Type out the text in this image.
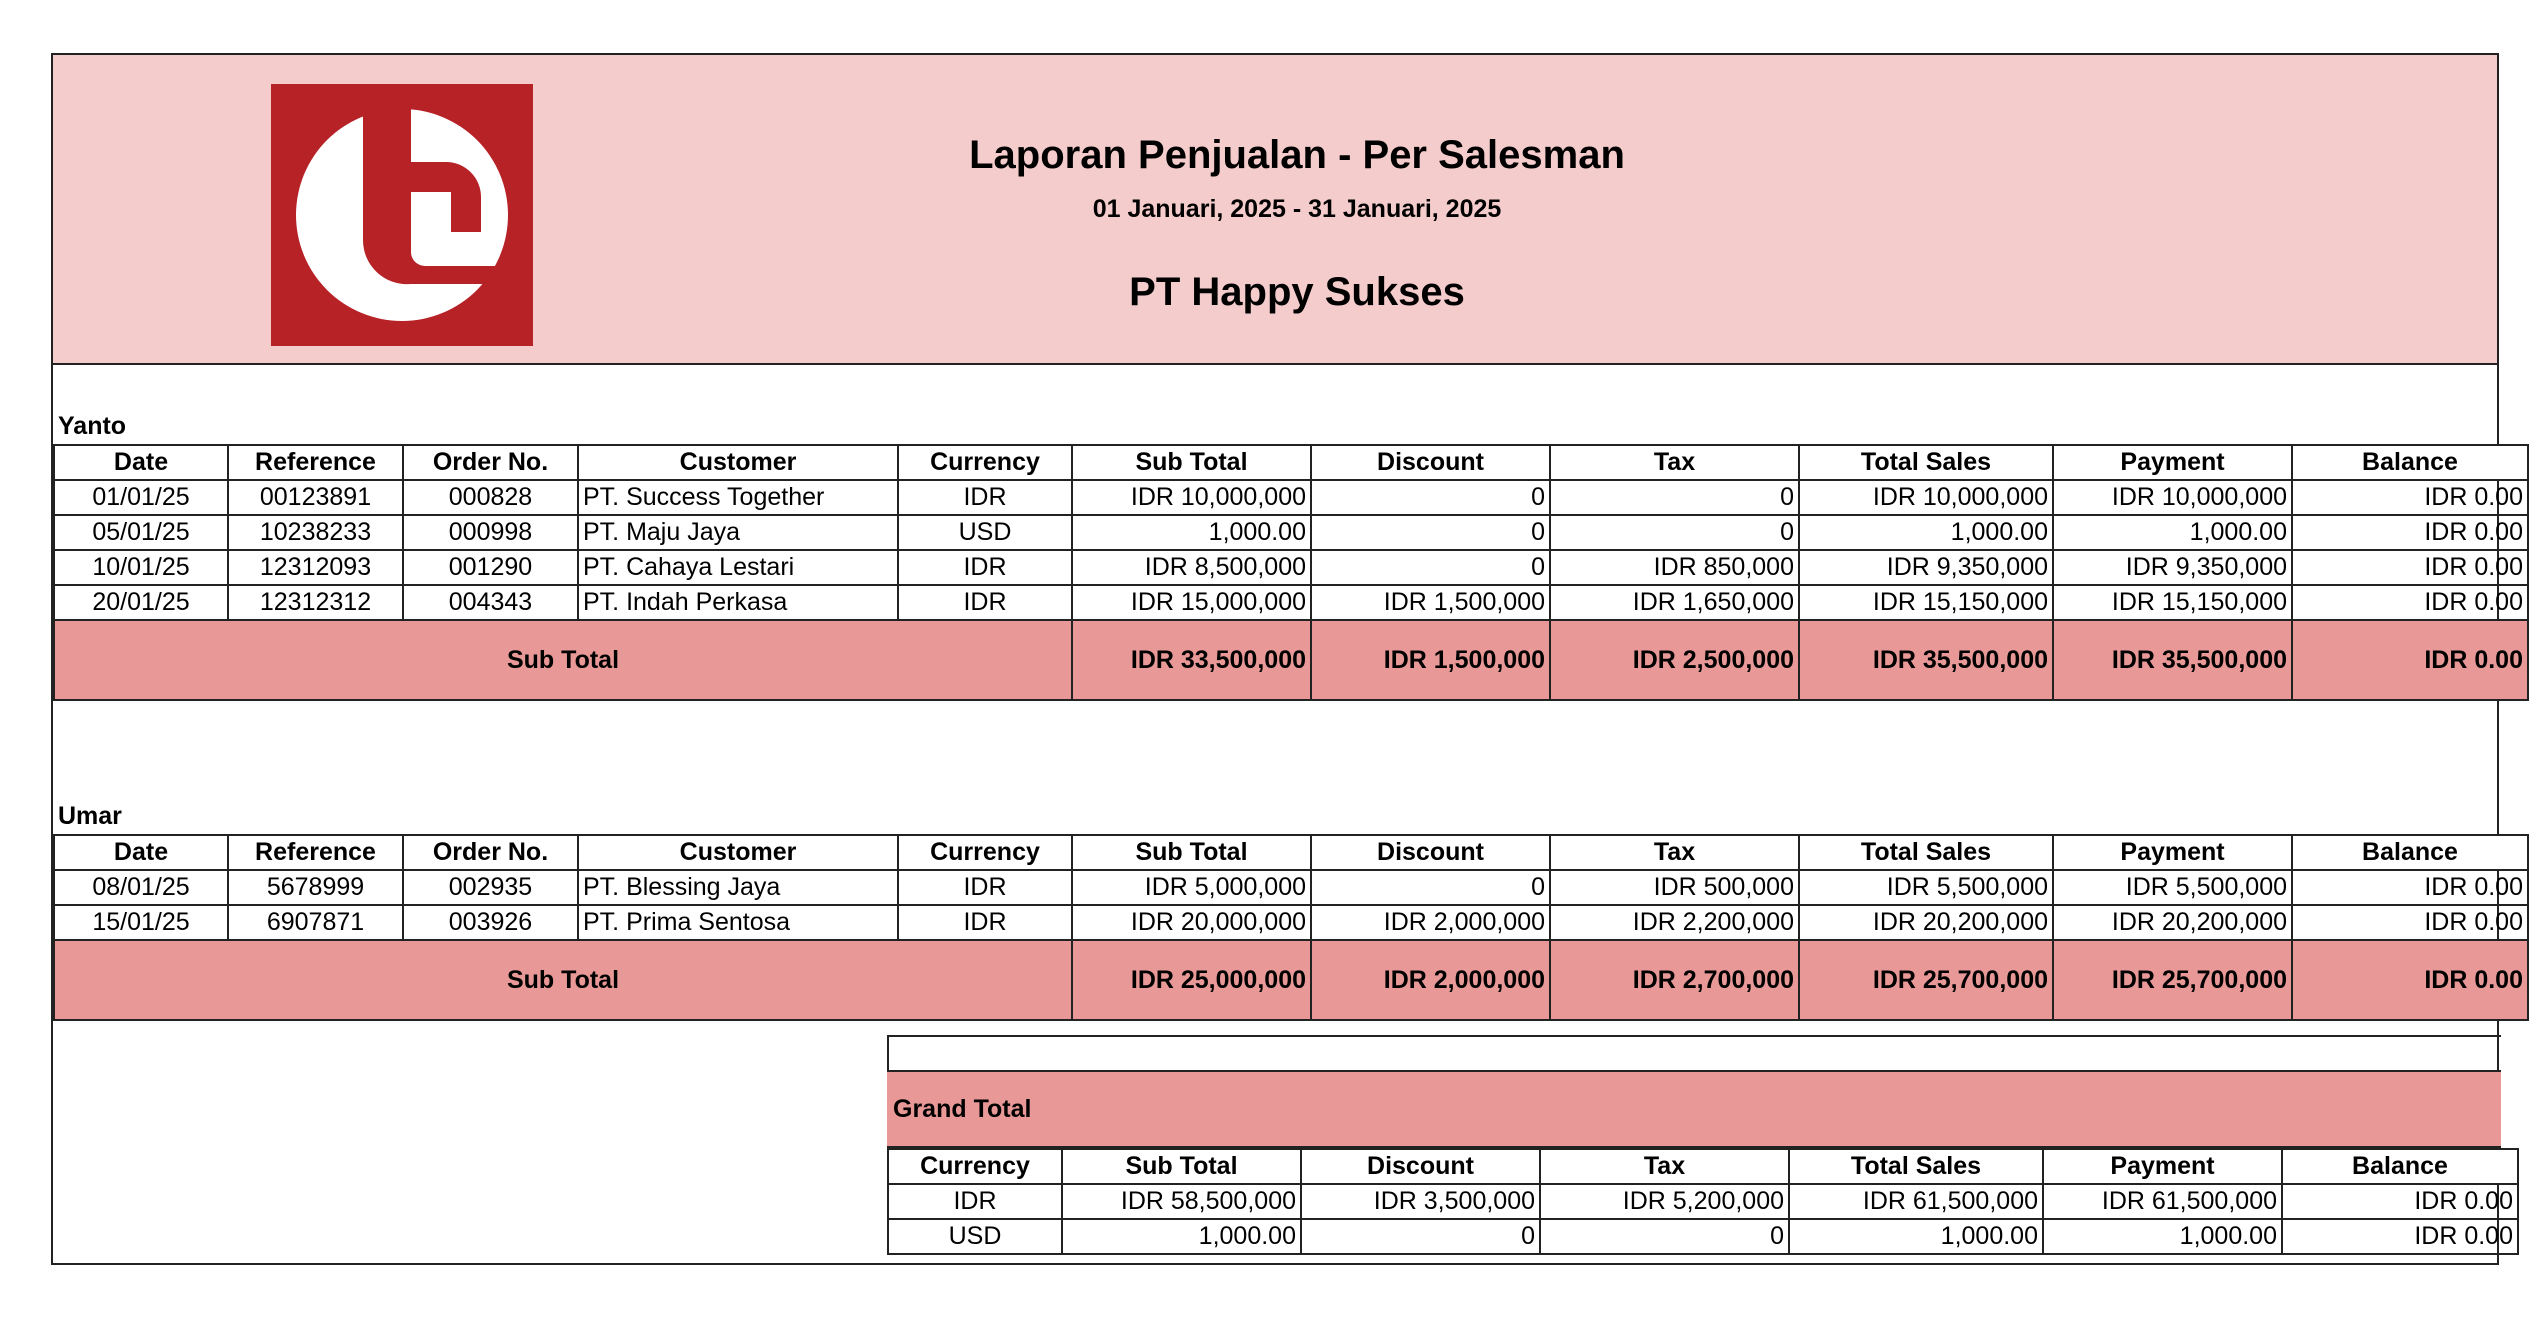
Laporan Penjualan - Per Salesman
01 Januari, 2025 - 31 Januari, 2025
PT Happy Sukses
Yanto
Date	Reference	Order No.	Customer	Currency	Sub Total	Discount	Tax	Total Sales	Payment	Balance
01/01/25	00123891	000828	PT. Success Together	IDR	IDR 10,000,000	0	0	IDR 10,000,000	IDR 10,000,000	IDR 0.00
05/01/25	10238233	000998	PT. Maju Jaya	USD	1,000.00	0	0	1,000.00	1,000.00	IDR 0.00
10/01/25	12312093	001290	PT. Cahaya Lestari	IDR	IDR 8,500,000	0	IDR 850,000	IDR 9,350,000	IDR 9,350,000	IDR 0.00
20/01/25	12312312	004343	PT. Indah Perkasa	IDR	IDR 15,000,000	IDR 1,500,000	IDR 1,650,000	IDR 15,150,000	IDR 15,150,000	IDR 0.00
Sub Total					IDR 33,500,000	IDR 1,500,000	IDR 2,500,000	IDR 35,500,000	IDR 35,500,000	IDR 0.00
Umar
Date	Reference	Order No.	Customer	Currency	Sub Total	Discount	Tax	Total Sales	Payment	Balance
08/01/25	5678999	002935	PT. Blessing Jaya	IDR	IDR 5,000,000	0	IDR 500,000	IDR 5,500,000	IDR 5,500,000	IDR 0.00
15/01/25	6907871	003926	PT. Prima Sentosa	IDR	IDR 20,000,000	IDR 2,000,000	IDR 2,200,000	IDR 20,200,000	IDR 20,200,000	IDR 0.00
Sub Total					IDR 25,000,000	IDR 2,000,000	IDR 2,700,000	IDR 25,700,000	IDR 25,700,000	IDR 0.00
Grand Total
Currency	Sub Total	Discount	Tax	Total Sales	Payment	Balance
IDR	IDR 58,500,000	IDR 3,500,000	IDR 5,200,000	IDR 61,500,000	IDR 61,500,000	IDR 0.00
USD	1,000.00	0	0	1,000.00	1,000.00	IDR 0.00
